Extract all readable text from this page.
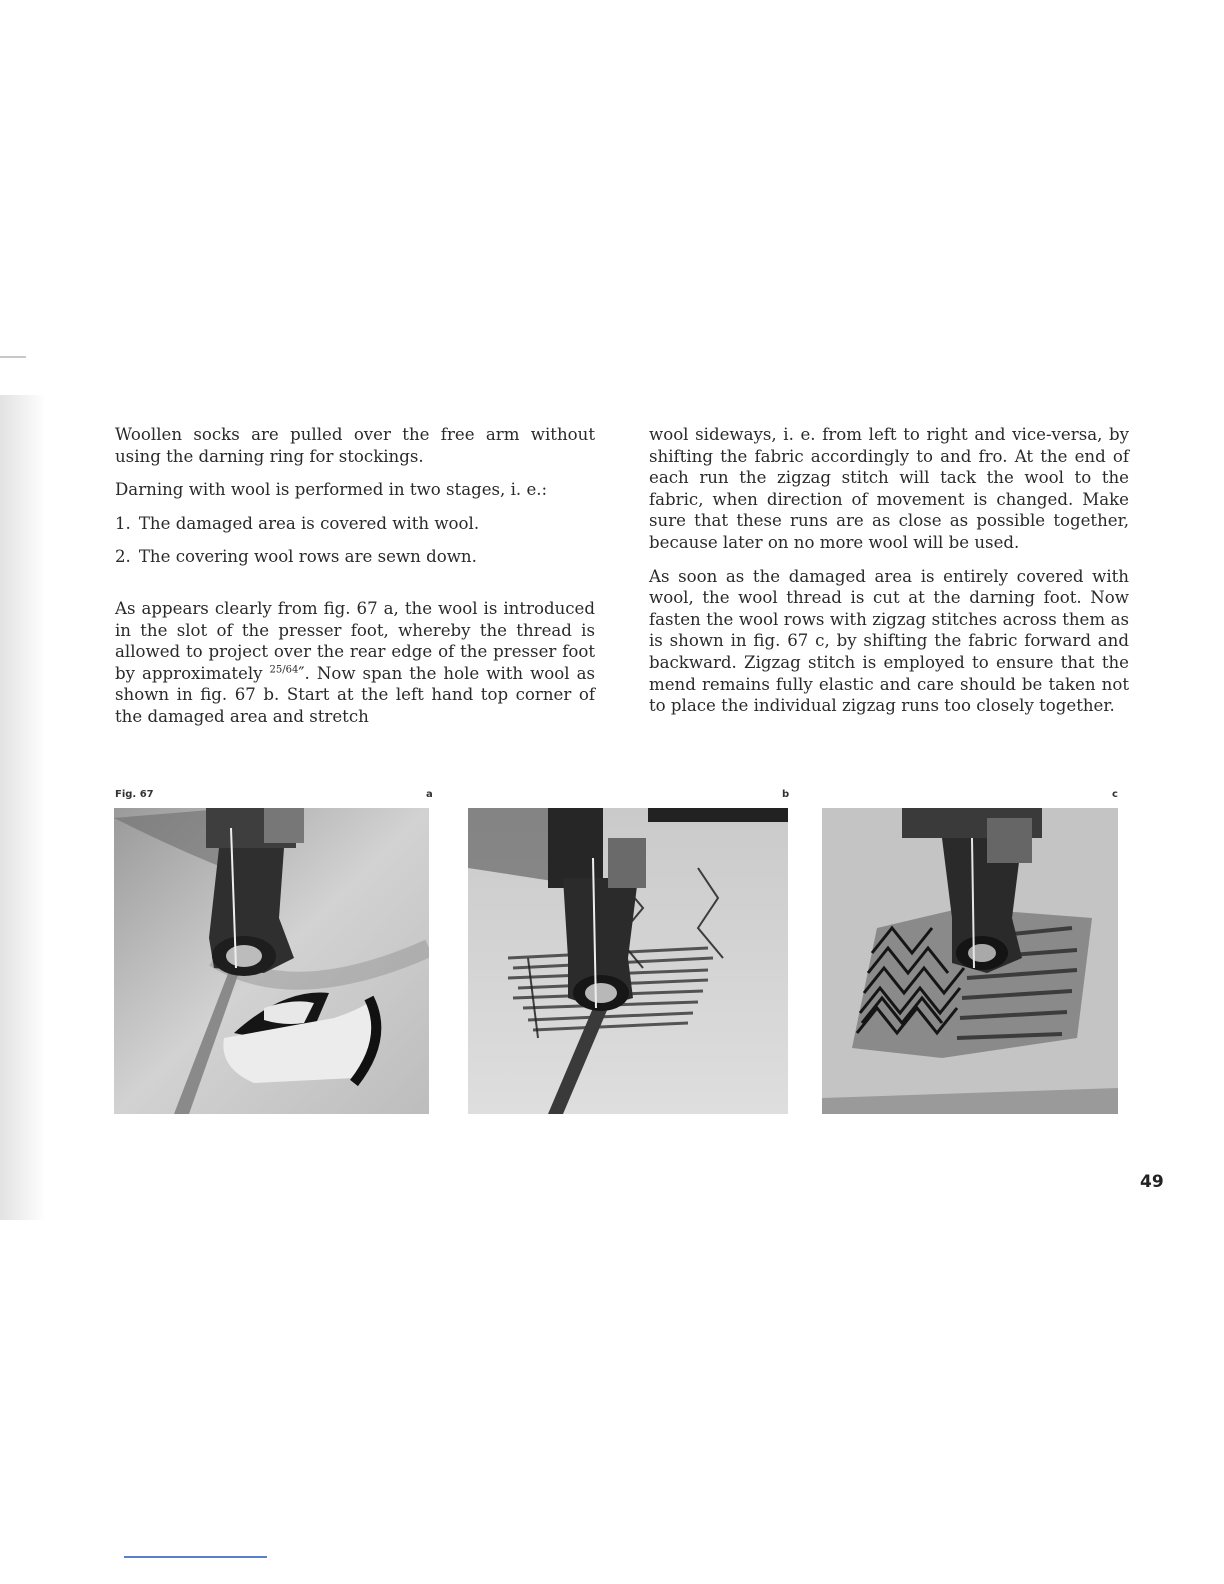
Woollen socks are pulled over the free arm without using the darning ring for stockings.

Darning with wool is performed in two stages, i. e.:

1. The damaged area is covered with wool.

2. The covering wool rows are sewn down.

As appears clearly from fig. 67 a, the wool is introduced in the slot of the presser foot, whereby the thread is allowed to project over the rear edge of the presser foot by approximately $^{25/64}$″. Now span the hole with wool as shown in fig. 67 b. Start at the left hand top corner of the damaged area and stretch

wool sideways, i. e. from left to right and vice-versa, by shifting the fabric accordingly to and fro. At the end of each run the zigzag stitch will tack the wool to the fabric, when direction of movement is changed. Make sure that these runs are as close as possible together, because later on no more wool will be used.

As soon as the damaged area is entirely covered with wool, the wool thread is cut at the darning foot. Now fasten the wool rows with zigzag stitches across them as is shown in fig. 67 c, by shifting the fabric forward and backward. Zigzag stitch is employed to ensure that the mend remains fully elastic and care should be taken not to place the individual zigzag runs too closely together.

Fig. 67	a	b	c
49
